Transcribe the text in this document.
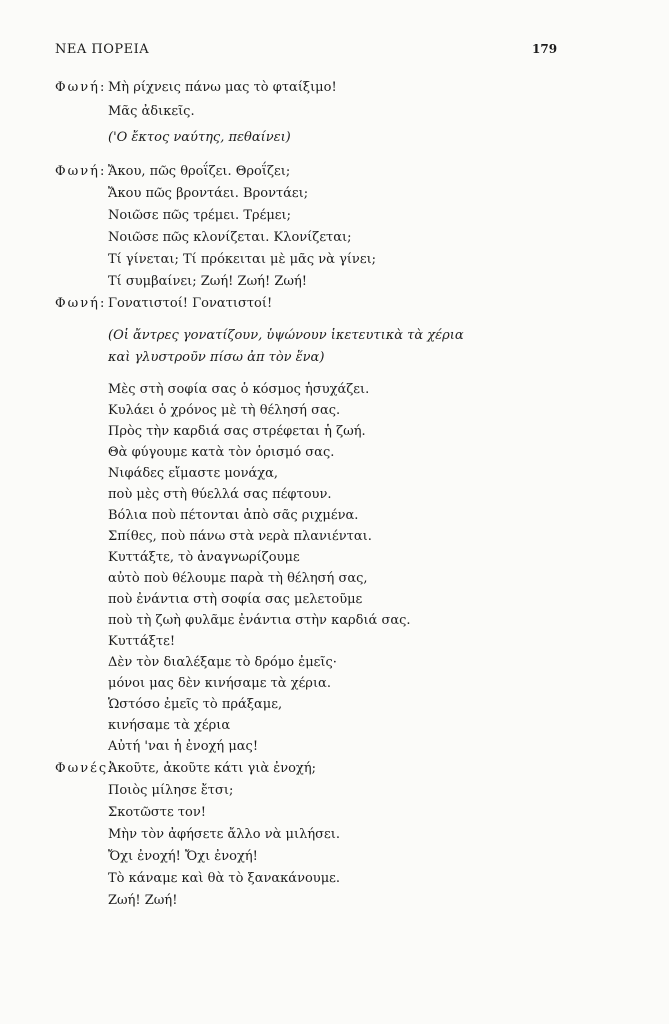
ΝΕΑ ΠΟΡΕΙΑ	179
Φωνή: Μὴ ρίχνεις πάνω μας τὸ φταίξιμο!
Μᾶς ἀδικεῖς.
('Ο ἔκτος ναύτης, πεθαίνει)
Φωνή: Ἄκου, πῶς θροΐζει. Θροΐζει;
Ἄκου πῶς βροντάει. Βροντάει;
Νοιῶσε πῶς τρέμει. Τρέμει;
Νοιῶσε πῶς κλονίζεται. Κλονίζεται;
Τί γίνεται; Τί πρόκειται μὲ μᾶς νὰ γίνει;
Τί συμβαίνει; Ζωή! Ζωή! Ζωή!
Φωνή: Γονατιστοί! Γονατιστοί!
(Οἱ ἄντρες γονατίζουν, ὑψώνουν ἱκετευτικὰ τὰ χέρια
καὶ γλυστροῦν πίσω ἀπ τὸν ἕνα)
Μὲς στὴ σοφία σας ὁ κόσμος ἡσυχάζει.
Κυλάει ὁ χρόνος μὲ τὴ θέλησή σας.
Πρὸς τὴν καρδιά σας στρέφεται ἡ ζωή.
Θὰ φύγουμε κατὰ τὸν ὁρισμό σας.
Νιφάδες εἴμαστε μονάχα,
ποὺ μὲς στὴ θύελλά σας πέφτουν.
Βόλια ποὺ πέτονται ἀπὸ σᾶς ριχμένα.
Σπίθες, ποὺ πάνω στὰ νερὰ πλανιένται.
Κυττάξτε, τὸ ἀναγνωρίζουμε
αὐτὸ ποὺ θέλουμε παρὰ τὴ θέλησή σας,
ποὺ ἐνάντια στὴ σοφία σας μελετοῦμε
ποὺ τὴ ζωὴ φυλᾶμε ἐνάντια στὴν καρδιά σας.
Κυττάξτε!
Δὲν τὸν διαλέξαμε τὸ δρόμο ἐμεῖς·
μόνοι μας δὲν κινήσαμε τὰ χέρια.
Ὡστόσο ἐμεῖς τὸ πράξαμε,
κινήσαμε τὰ χέρια
Αὐτή 'ναι ἡ ἐνοχή μας!
Φωνές:
Ἀκοῦτε, ἀκοῦτε κάτι γιὰ ἐνοχή;
Ποιὸς μίλησε ἔτσι;
Σκοτῶστε τον!
Μὴν τὸν ἀφήσετε ἄλλο νὰ μιλήσει.
Ὄχι ἐνοχή! Ὄχι ἐνοχή!
Τὸ κάναμε καὶ θὰ τὸ ξανακάνουμε.
Ζωή! Ζωή!
